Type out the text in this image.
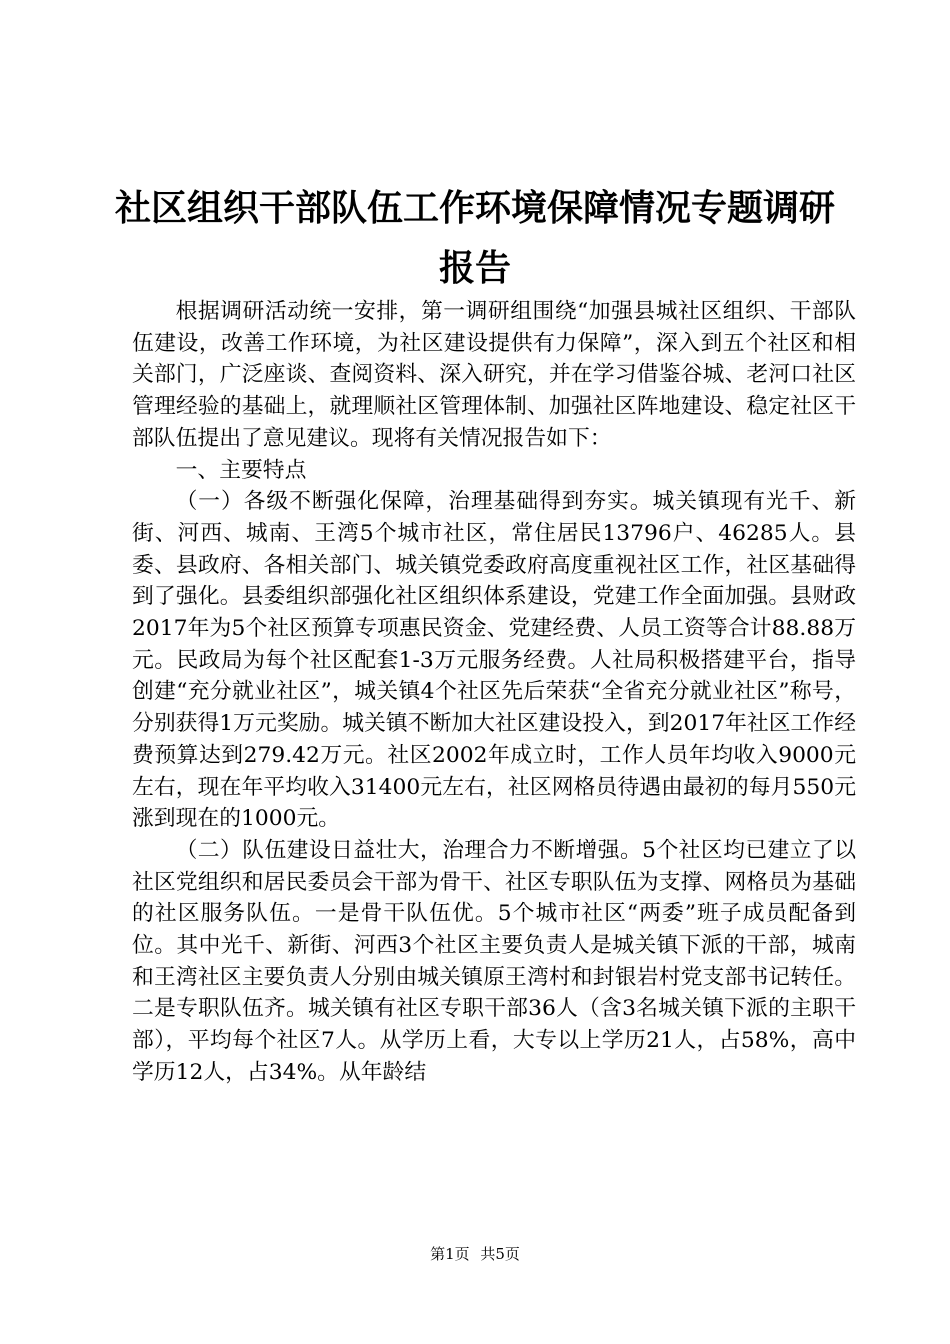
社区组织干部队伍工作环境保障情况专题调研
报告

根据调研活动统一安排，第一调研组围绕“加强县城社区组织、干部队伍建设，改善工作环境，为社区建设提供有力保障”，深入到五个社区和相关部门，广泛座谈、查阅资料、深入研究，并在学习借鉴谷城、老河口社区管理经验的基础上，就理顺社区管理体制、加强社区阵地建设、稳定社区干部队伍提出了意见建议。现将有关情况报告如下：

一、主要特点

（一）各级不断强化保障，治理基础得到夯实。城关镇现有光千、新街、河西、城南、王湾5个城市社区，常住居民13796户、46285人。县委、县政府、各相关部门、城关镇党委政府高度重视社区工作，社区基础得到了强化。县委组织部强化社区组织体系建设，党建工作全面加强。县财政2017年为5个社区预算专项惠民资金、党建经费、人员工资等合计88.88万元。民政局为每个社区配套1-3万元服务经费。人社局积极搭建平台，指导创建“充分就业社区”，城关镇4个社区先后荣获“全省充分就业社区”称号，分别获得1万元奖励。城关镇不断加大社区建设投入，到2017年社区工作经费预算达到279.42万元。社区2002年成立时，工作人员年均收入9000元左右，现在年平均收入31400元左右，社区网格员待遇由最初的每月550元涨到现在的1000元。

（二）队伍建设日益壮大，治理合力不断增强。5个社区均已建立了以社区党组织和居民委员会干部为骨干、社区专职队伍为支撑、网格员为基础的社区服务队伍。一是骨干队伍优。5个城市社区“两委”班子成员配备到位。其中光千、新街、河西3个社区主要负责人是城关镇下派的干部，城南和王湾社区主要负责人分别由城关镇原王湾村和封银岩村党支部书记转任。二是专职队伍齐。城关镇有社区专职干部36人（含3名城关镇下派的主职干部），平均每个社区7人。从学历上看，大专以上学历21人，占58%，高中学历12人，占34%。从年龄结

第1页 共5页
